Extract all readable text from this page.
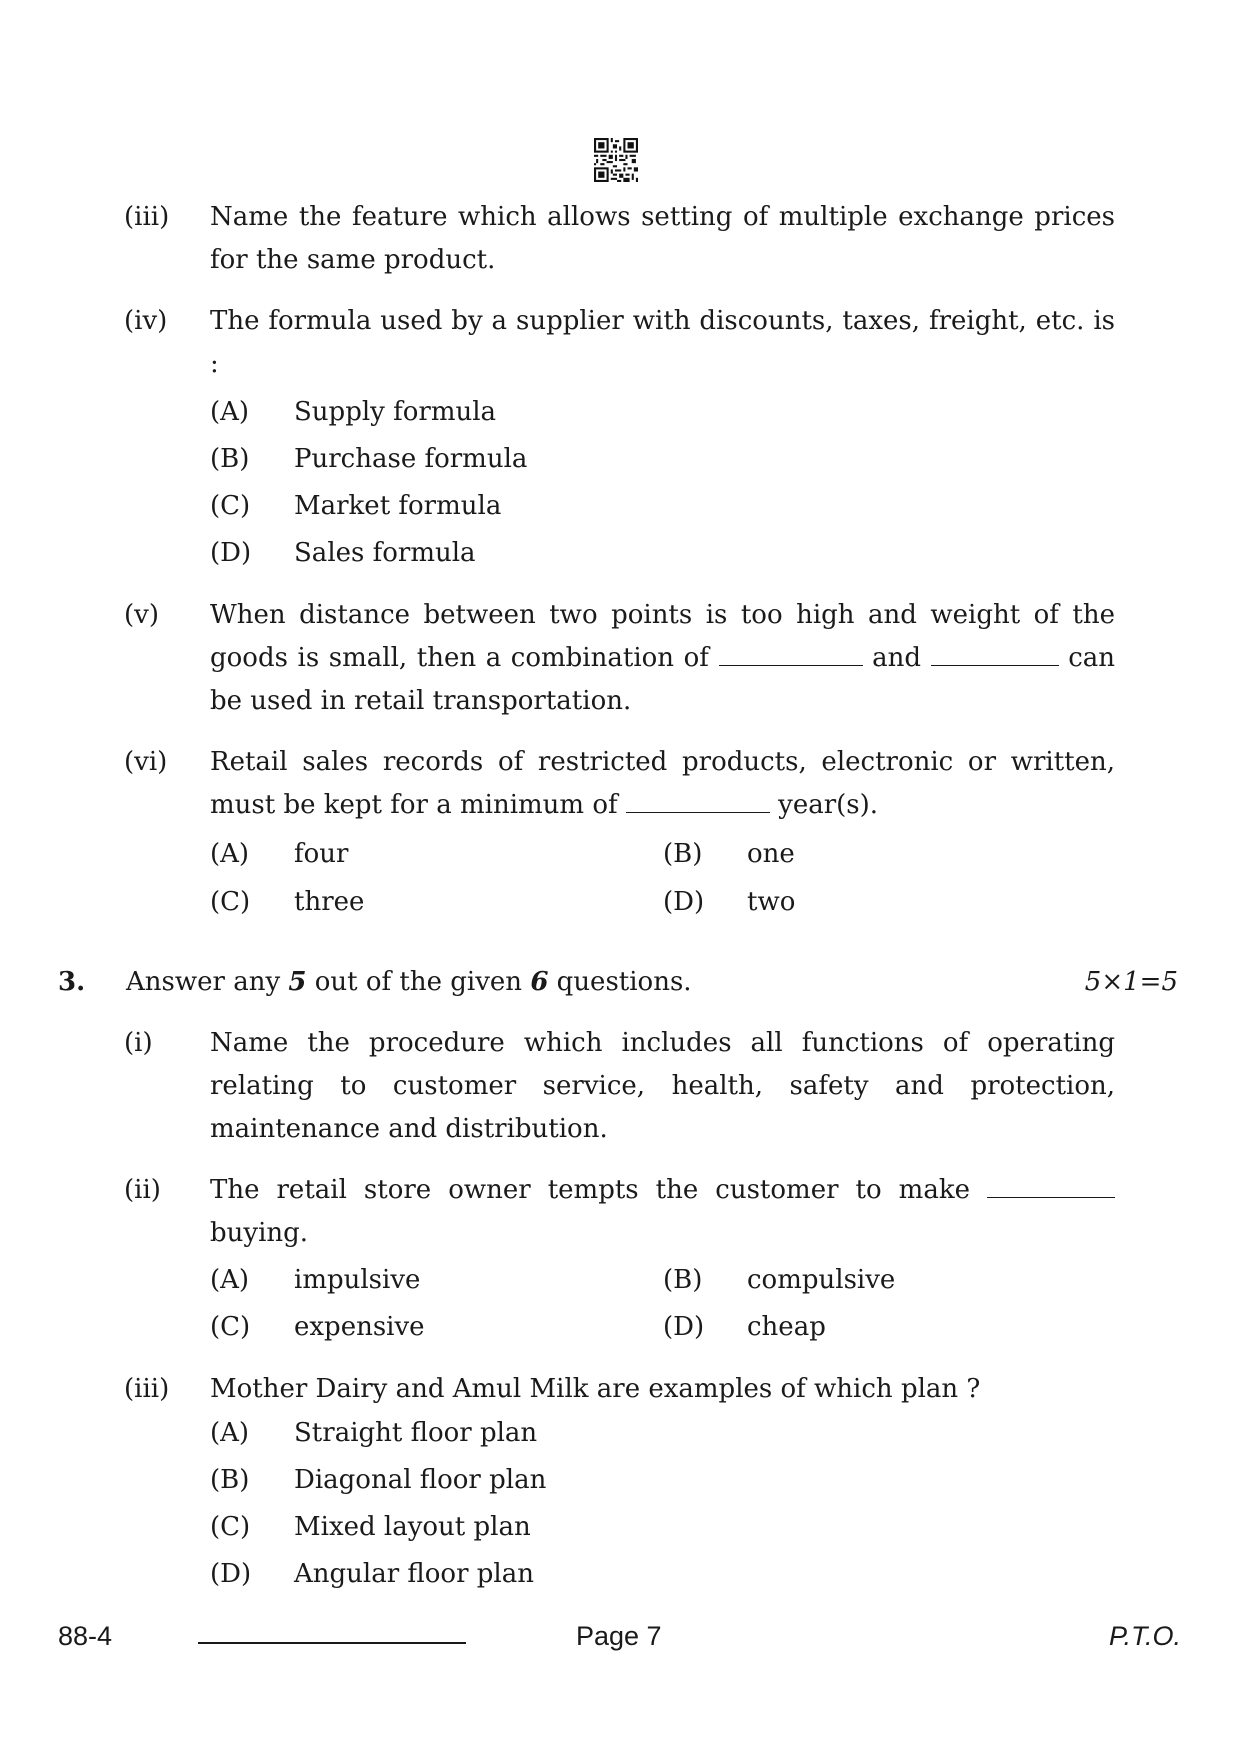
(iii) Name the feature which allows setting of multiple exchange prices for the same product.
(iv) The formula used by a supplier with discounts, taxes, freight, etc. is :
(A) Supply formula
(B) Purchase formula
(C) Market formula
(D) Sales formula
(v) When distance between two points is too high and weight of the goods is small, then a combination of	and	can be used in retail transportation.
(vi) Retail sales records of restricted products, electronic or written, must be kept for a minimum of	year(s).
(A) four	(B) one
(C) three	(D) two
3. Answer any 5 out of the given 6 questions.	5×1=5
(i) Name the procedure which includes all functions of operating relating to customer service, health, safety and protection, maintenance and distribution.
(ii) The retail store owner tempts the customer to make  buying.
(A) impulsive	(B) compulsive
(C) expensive	(D) cheap
(iii) Mother Dairy and Amul Milk are examples of which plan ?
(A) Straight floor plan
(B) Diagonal floor plan
(C) Mixed layout plan
(D) Angular floor plan
88-4	Page 7	P.T.O.
